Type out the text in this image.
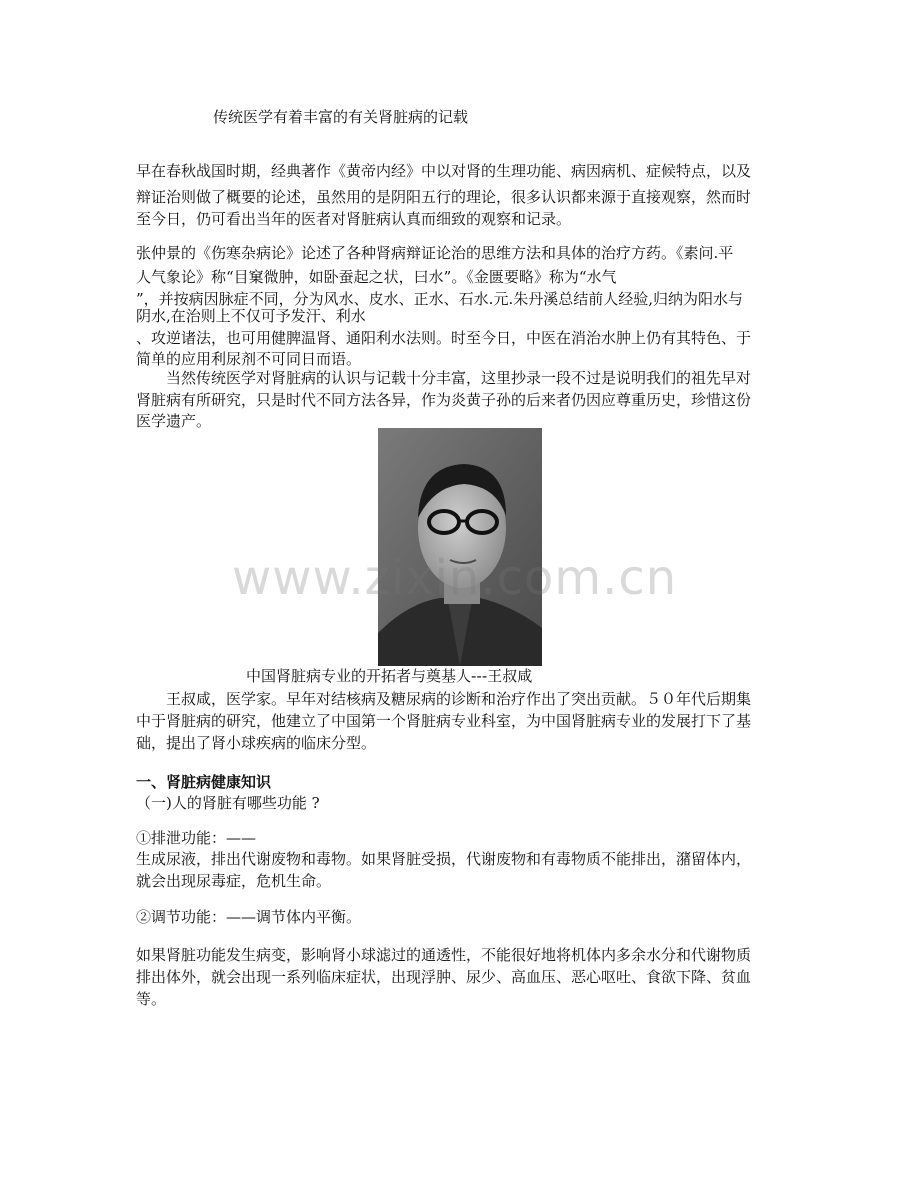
传统医学有着丰富的有关肾脏病的记载
早在春秋战国时期，经典著作《黄帝内经》中以对肾的生理功能、病因病机、症候特点，以及
辩证治则做了概要的论述，虽然用的是阴阳五行的理论，很多认识都来源于直接观察，然而时
至今日，仍可看出当年的医者对肾脏病认真而细致的观察和记录。
张仲景的《伤寒杂病论》论述了各种肾病辩证论治的思维方法和具体的治疗方药。《素问.平
人气象论》称“目窠微肿，如卧蚕起之状，曰水”。《金匮要略》称为“水气
”，并按病因脉症不同，分为风水、皮水、正水、石水.元.朱丹溪总结前人经验,归纳为阳水与
阴水,在治则上不仅可予发汗、利水
、攻逆诸法，也可用健脾温肾、通阳利水法则。时至今日，中医在消治水肿上仍有其特色、于
简单的应用利尿剂不可同日而语。
　　当然传统医学对肾脏病的认识与记载十分丰富，这里抄录一段不过是说明我们的祖先早对
肾脏病有所研究，只是时代不同方法各异，作为炎黄子孙的后来者仍因应尊重历史，珍惜这份
医学遗产。
www.zixin.com.cn
中国肾脏病专业的开拓者与奠基人---王叔咸
　　王叔咸，医学家。早年对结核病及糖尿病的诊断和治疗作出了突出贡献。５０年代后期集
中于肾脏病的研究，他建立了中国第一个肾脏病专业科室，为中国肾脏病专业的发展打下了基
础，提出了肾小球疾病的临床分型。
一、肾脏病健康知识
（一)人的肾脏有哪些功能 ?
①排泄功能：——
生成尿液，排出代谢废物和毒物。如果肾脏受损，代谢废物和有毒物质不能排出，潴留体内，
就会出现尿毒症，危机生命。
②调节功能：——调节体内平衡。
如果肾脏功能发生病变，影响肾小球滤过的通透性，不能很好地将机体内多余水分和代谢物质
排出体外，就会出现一系列临床症状，出现浮肿、尿少、高血压、恶心呕吐、食欲下降、贫血
等。
